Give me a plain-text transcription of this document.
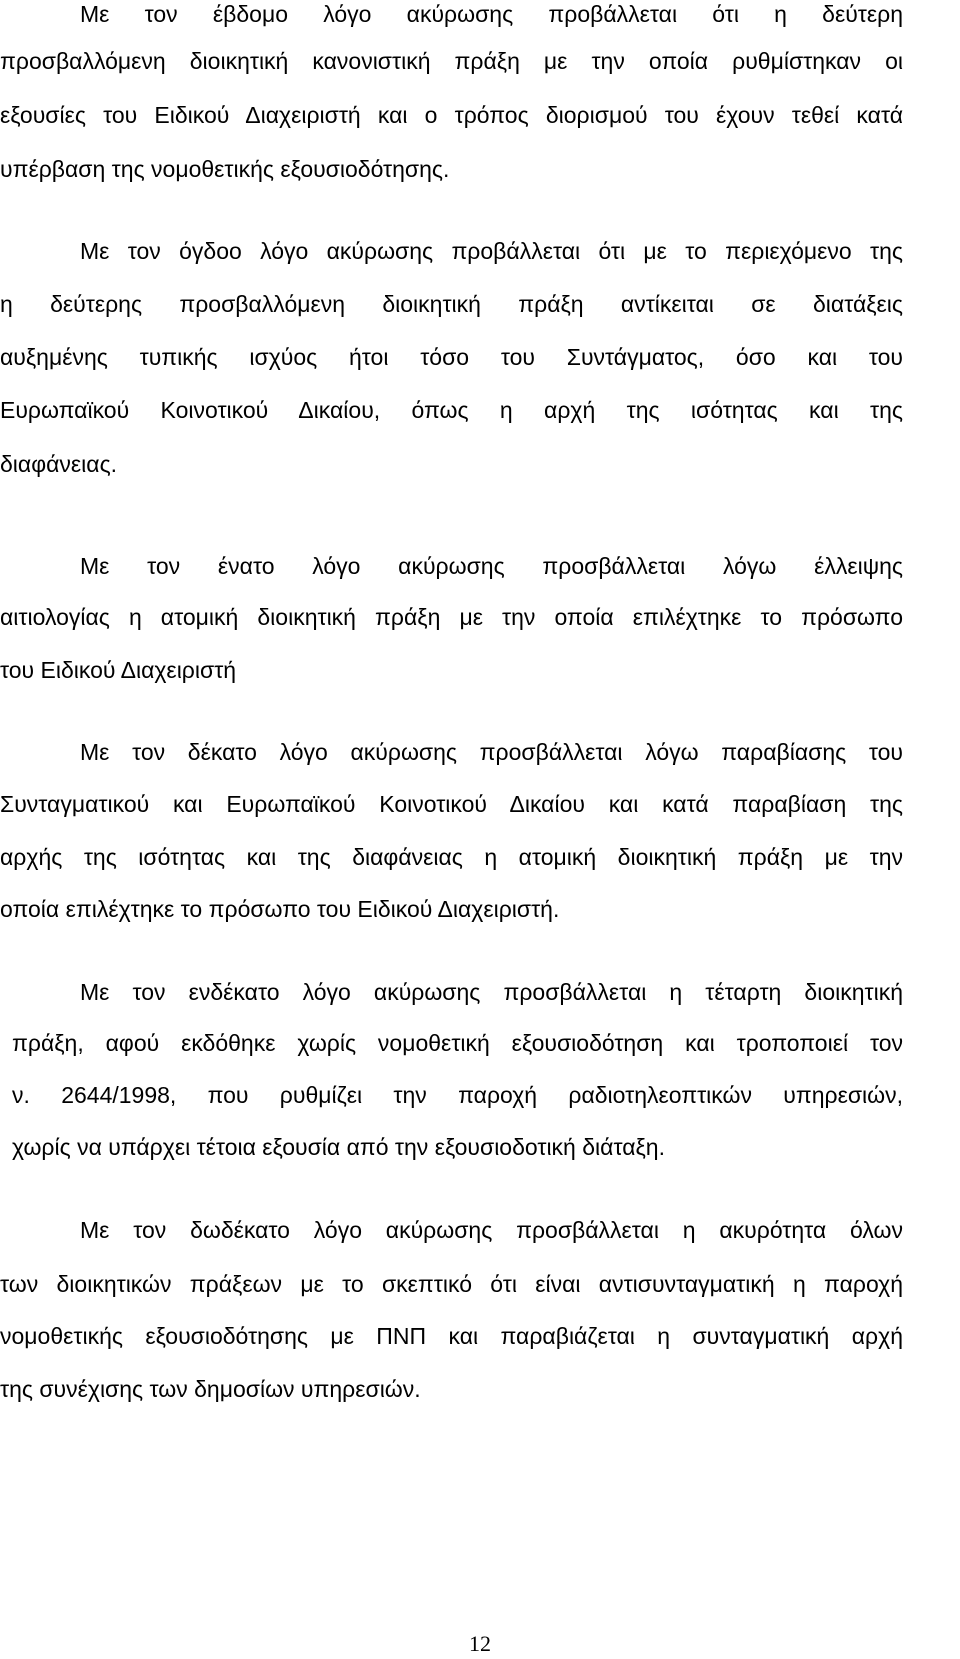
Με τον έβδομο λόγο ακύρωσης προβάλλεται ότι η δεύτερη
προσβαλλόμενη διοικητική κανονιστική πράξη με την οποία ρυθμίστηκαν οι
εξουσίες του Ειδικού Διαχειριστή και ο τρόπος διορισμού του έχουν τεθεί κατά
υπέρβαση της νομοθετικής εξουσιοδότησης.
Με τον όγδοο λόγο ακύρωσης προβάλλεται ότι με το περιεχόμενο της
η δεύτερης προσβαλλόμενη διοικητική πράξη αντίκειται σε διατάξεις
αυξημένης τυπικής ισχύος ήτοι τόσο του Συντάγματος, όσο και του
Ευρωπαϊκού Κοινοτικού Δικαίου, όπως η αρχή της ισότητας και της
διαφάνειας.
Με τον ένατο λόγο ακύρωσης προσβάλλεται λόγω έλλειψης
αιτιολογίας η ατομική διοικητική πράξη με την οποία επιλέχτηκε το πρόσωπο
του Ειδικού Διαχειριστή
Με τον δέκατο λόγο ακύρωσης προσβάλλεται λόγω παραβίασης του
Συνταγματικού και Ευρωπαϊκού Κοινοτικού Δικαίου και κατά παραβίαση της
αρχής της ισότητας και της διαφάνειας η ατομική διοικητική πράξη με την
οποία επιλέχτηκε το πρόσωπο του Ειδικού Διαχειριστή.
Με τον ενδέκατο λόγο ακύρωσης προσβάλλεται η τέταρτη διοικητική
πράξη, αφού εκδόθηκε χωρίς νομοθετική εξουσιοδότηση και τροποποιεί τον
ν. 2644/1998, που ρυθμίζει την παροχή ραδιοτηλεοπτικών υπηρεσιών,
χωρίς να υπάρχει τέτοια εξουσία από την εξουσιοδοτική διάταξη.
Με τον δωδέκατο λόγο ακύρωσης προσβάλλεται η ακυρότητα όλων
των διοικητικών πράξεων με το σκεπτικό ότι είναι αντισυνταγματική η παροχή
νομοθετικής εξουσιοδότησης με ΠΝΠ και παραβιάζεται η συνταγματική αρχή
της συνέχισης των δημοσίων υπηρεσιών.
12
